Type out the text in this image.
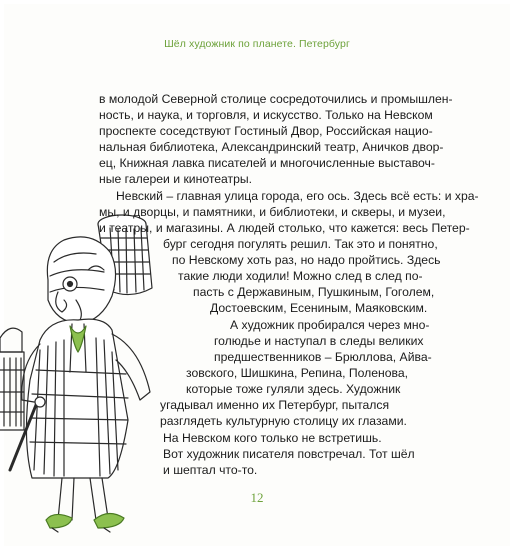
Шёл художник по планете. Петербург
в молодой Северной столице сосредоточились и промышлен-
ность, и наука, и торговля, и искусство. Только на Невском
проспекте соседствуют Гостиный Двор, Российская нацио-
нальная библиотека, Александринский театр, Аничков двор-
ец, Книжная лавка писателей и многочисленные выставоч-
ные галереи и кинотеатры.
Невский – главная улица города, его ось. Здесь всё есть: и хра-
мы, и дворцы, и памятники, и библиотеки, и скверы, и музеи,
и театры, и магазины. А людей столько, что кажется: весь Петер-
бург сегодня погулять решил. Так это и понятно,
по Невскому хоть раз, но надо пройтись. Здесь
такие люди ходили! Можно след в след по-
пасть с Державиным, Пушкиным, Гоголем,
Достоевским, Есениным, Маяковским.
А художник пробирался через мно-
голюдье и наступал в следы великих
предшественников – Брюллова, Айва-
зовского, Шишкина, Репина, Поленова,
которые тоже гуляли здесь. Художник
угадывал именно их Петербург, пытался
разглядеть культурную столицу их глазами.
На Невском кого только не встретишь.
Вот художник писателя повстречал. Тот шёл
и шептал что-то.
12
